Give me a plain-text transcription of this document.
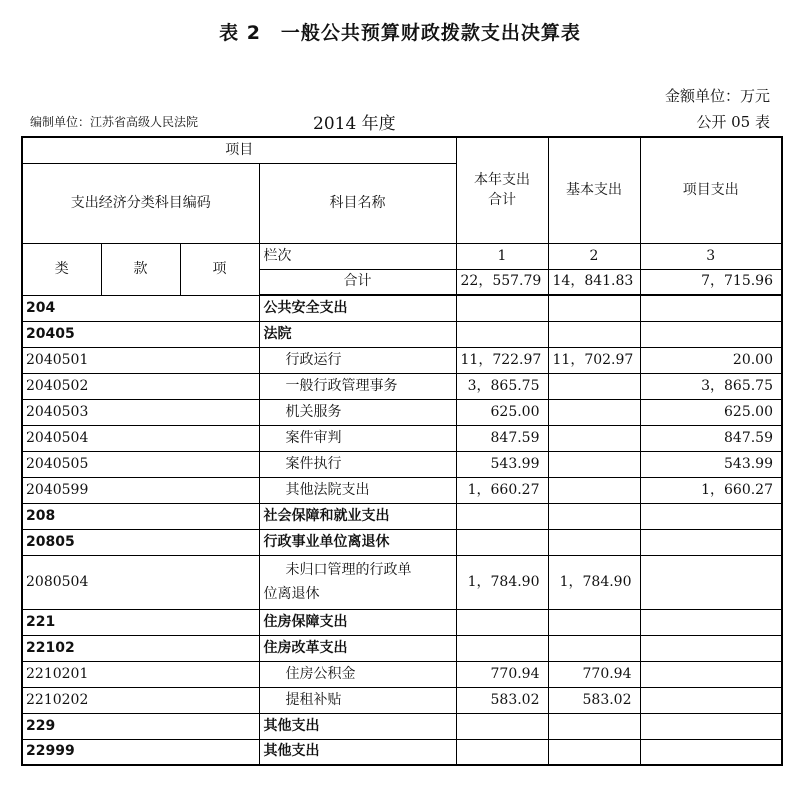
表 2　一般公共预算财政拨款支出决算表
金额单位：万元
编制单位：江苏省高级人民法院	2014 年度	公开 05 表
项目				本年支出
合计	基本支出	项目支出
支出经济分类科目编码			科目名称			
类	款	项	栏次	1	2	3
			合计	22，557.79	14，841.83	7，715.96
204			公共安全支出			
20405			法院			
2040501			行政运行	11，722.97	11，702.97	20.00
2040502			一般行政管理事务	3，865.75		3，865.75
2040503			机关服务	625.00		625.00
2040504			案件审判	847.59		847.59
2040505			案件执行	543.99		543.99
2040599			其他法院支出	1，660.27		1，660.27
208			社会保障和就业支出			
20805			行政事业单位离退休			
2080504			未归口管理的行政单
位离退休	1，784.90	1，784.90	
221			住房保障支出			
22102			住房改革支出			
2210201			住房公积金	770.94	770.94	
2210202			提租补贴	583.02	583.02	
229			其他支出			
22999			其他支出			
